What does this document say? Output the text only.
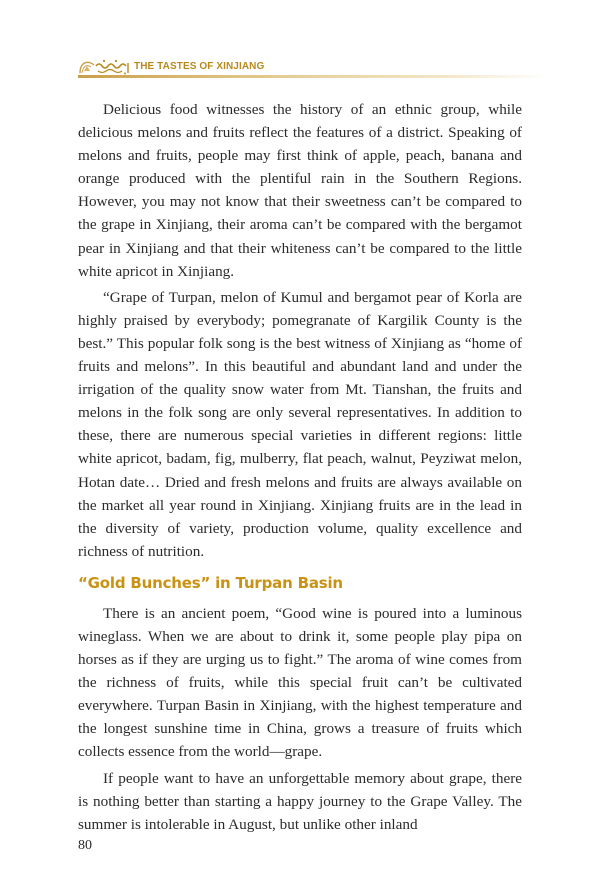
THE TASTES OF XINJIANG

Delicious food witnesses the history of an ethnic group, while delicious melons and fruits reflect the features of a district. Speaking of melons and fruits, people may first think of apple, peach, banana and orange produced with the plentiful rain in the Southern Regions. However, you may not know that their sweetness can’t be compared to the grape in Xinjiang, their aroma can’t be compared with the bergamot pear in Xinjiang and that their whiteness can’t be compared to the little white apricot in Xinjiang.

“Grape of Turpan, melon of Kumul and bergamot pear of Korla are highly praised by everybody; pomegranate of Kargilik County is the best.” This popular folk song is the best witness of Xinjiang as “home of fruits and melons”. In this beautiful and abundant land and under the irrigation of the quality snow water from Mt. Tianshan, the fruits and melons in the folk song are only several representatives. In addition to these, there are numerous special varieties in different regions: little white apricot, badam, fig, mulberry, flat peach, walnut, Peyziwat melon, Hotan date… Dried and fresh melons and fruits are always available on the market all year round in Xinjiang. Xinjiang fruits are in the lead in the diversity of variety, production volume, quality excellence and richness of nutrition.

“Gold Bunches” in Turpan Basin

There is an ancient poem, “Good wine is poured into a luminous wineglass. When we are about to drink it, some people play pipa on horses as if they are urging us to fight.” The aroma of wine comes from the richness of fruits, while this special fruit can’t be cultivated everywhere. Turpan Basin in Xinjiang, with the highest temperature and the longest sunshine time in China, grows a treasure of fruits which collects essence from the world—grape.

If people want to have an unforgettable memory about grape, there is nothing better than starting a happy journey to the Grape Valley. The summer is intolerable in August, but unlike other inland

80
